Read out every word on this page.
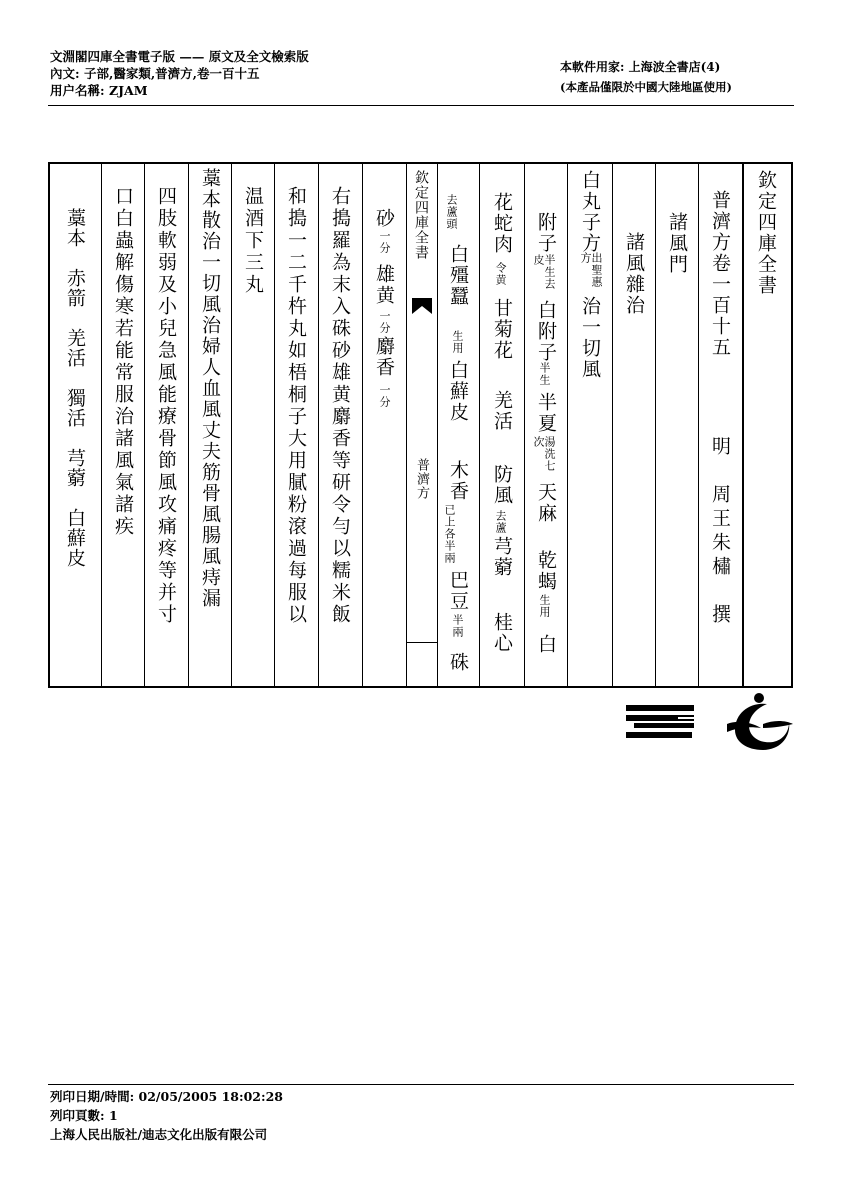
文淵閣四庫全書電子版 —— 原文及全文檢索版
內文: 子部,醫家類,普濟方,卷一百十五
用户名稱: ZJAM
本軟件用家: 上海波全書店(4)
(本產品僅限於中國大陸地區使用)
欽定四庫全書
普濟方卷一百十五
明　周王朱橚　撰
諸風門
諸風雜治
白丸子方
出聖惠方
治一切風
附子
半生去皮
白附子
半生
半夏
湯洗七次
天麻
乾蝎
生用
白
花蛇肉
令黄
甘菊花
羌活
防風
去蘆
芎藭
桂心
去蘆頭
白殭蠶
生用
白蘚皮
木香
已上各半兩
巴豆
半兩
硃
欽定四庫全書
普濟方
砂
一分
雄黄
一分
麝香
一分
右搗羅為末入硃砂雄黄麝香等研令勻以糯米飯
和搗一二千杵丸如梧桐子大用膩粉滾過每服以
温酒下三丸
藁本散治一切風治婦人血風丈夫筋骨風腸風痔漏
四肢軟弱及小兒急風能療骨節風攻痛疼等并寸
口白蟲解傷寒若能常服治諸風氣諸疾
藁本　赤箭　羌活　獨活　芎藭　白蘚皮
列印日期/時間: 02/05/2005 18:02:28
列印頁數: 1
上海人民出版社/迪志文化出版有限公司
